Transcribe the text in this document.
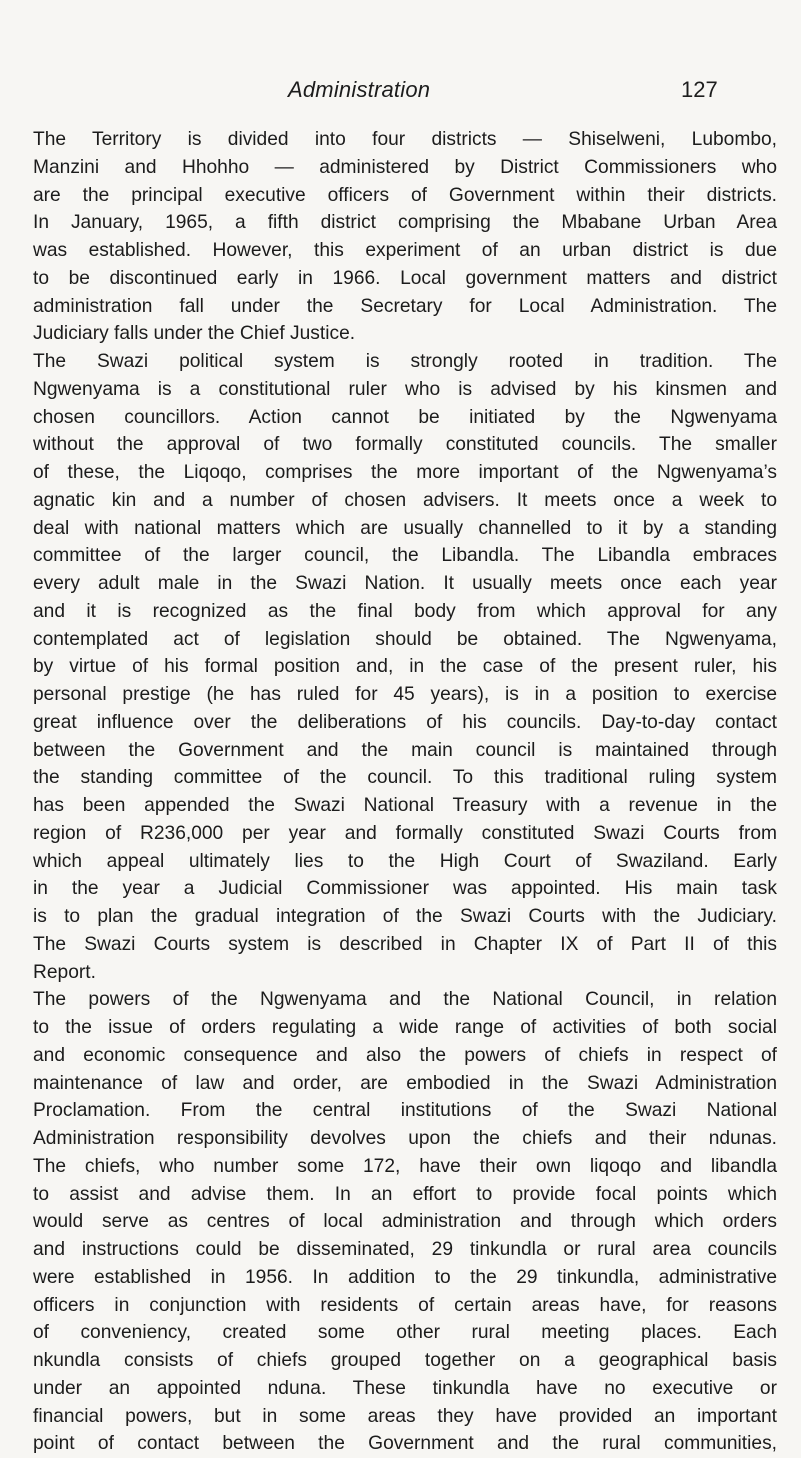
Administration	127
The Territory is divided into four districts — Shiselweni, Lubombo,
Manzini and Hhohho — administered by District Commissioners who
are the principal executive officers of Government within their districts.
In January, 1965, a fifth district comprising the Mbabane Urban Area
was established. However, this experiment of an urban district is due
to be discontinued early in 1966. Local government matters and district
administration fall under the Secretary for Local Administration. The
Judiciary falls under the Chief Justice.
The Swazi political system is strongly rooted in tradition. The
Ngwenyama is a constitutional ruler who is advised by his kinsmen and
chosen councillors. Action cannot be initiated by the Ngwenyama
without the approval of two formally constituted councils. The smaller
of these, the Liqoqo, comprises the more important of the Ngwenyama’s
agnatic kin and a number of chosen advisers. It meets once a week to
deal with national matters which are usually channelled to it by a standing
committee of the larger council, the Libandla. The Libandla embraces
every adult male in the Swazi Nation. It usually meets once each year
and it is recognized as the final body from which approval for any
contemplated act of legislation should be obtained. The Ngwenyama,
by virtue of his formal position and, in the case of the present ruler, his
personal prestige (he has ruled for 45 years), is in a position to exercise
great influence over the deliberations of his councils. Day-to-day contact
between the Government and the main council is maintained through
the standing committee of the council. To this traditional ruling system
has been appended the Swazi National Treasury with a revenue in the
region of R236,000 per year and formally constituted Swazi Courts from
which appeal ultimately lies to the High Court of Swaziland. Early
in the year a Judicial Commissioner was appointed. His main task
is to plan the gradual integration of the Swazi Courts with the Judiciary.
The Swazi Courts system is described in Chapter IX of Part II of this
Report.
The powers of the Ngwenyama and the National Council, in relation
to the issue of orders regulating a wide range of activities of both social
and economic consequence and also the powers of chiefs in respect of
maintenance of law and order, are embodied in the Swazi Administration
Proclamation. From the central institutions of the Swazi National
Administration responsibility devolves upon the chiefs and their ndunas.
The chiefs, who number some 172, have their own liqoqo and libandla
to assist and advise them. In an effort to provide focal points which
would serve as centres of local administration and through which orders
and instructions could be disseminated, 29 tinkundla or rural area councils
were established in 1956. In addition to the 29 tinkundla, administrative
officers in conjunction with residents of certain areas have, for reasons
of conveniency, created some other rural meeting places. Each
nkundla consists of chiefs grouped together on a geographical basis
under an appointed nduna. These tinkundla have no executive or
financial powers, but in some areas they have provided an important
point of contact between the Government and the rural communities,
